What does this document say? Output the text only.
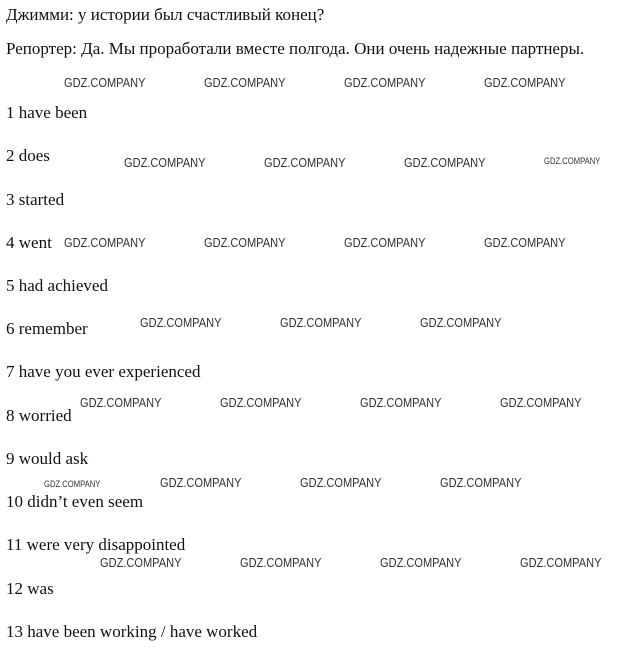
Джимми: у истории был счастливый конец?

Репортер: Да. Мы проработали вместе полгода. Они очень надежные партнеры.

1 have been
2 does
3 started
4 went
5 had achieved
6 remember
7 have you ever experienced
8 worried
9 would ask
10 didn’t even seem
11 were very disappointed
12 was
13 have been working / have worked
GDZ.COMPANY	GDZ.COMPANY	GDZ.COMPANY	GDZ.COMPANY
GDZ.COMPANY	GDZ.COMPANY	GDZ.COMPANY	GDZ.COMPANY
GDZ.COMPANY	GDZ.COMPANY	GDZ.COMPANY	GDZ.COMPANY
GDZ.COMPANY	GDZ.COMPANY	GDZ.COMPANY
GDZ.COMPANY	GDZ.COMPANY	GDZ.COMPANY	GDZ.COMPANY
GDZ.COMPANY	GDZ.COMPANY	GDZ.COMPANY	GDZ.COMPANY
GDZ.COMPANY	GDZ.COMPANY	GDZ.COMPANY	GDZ.COMPANY
